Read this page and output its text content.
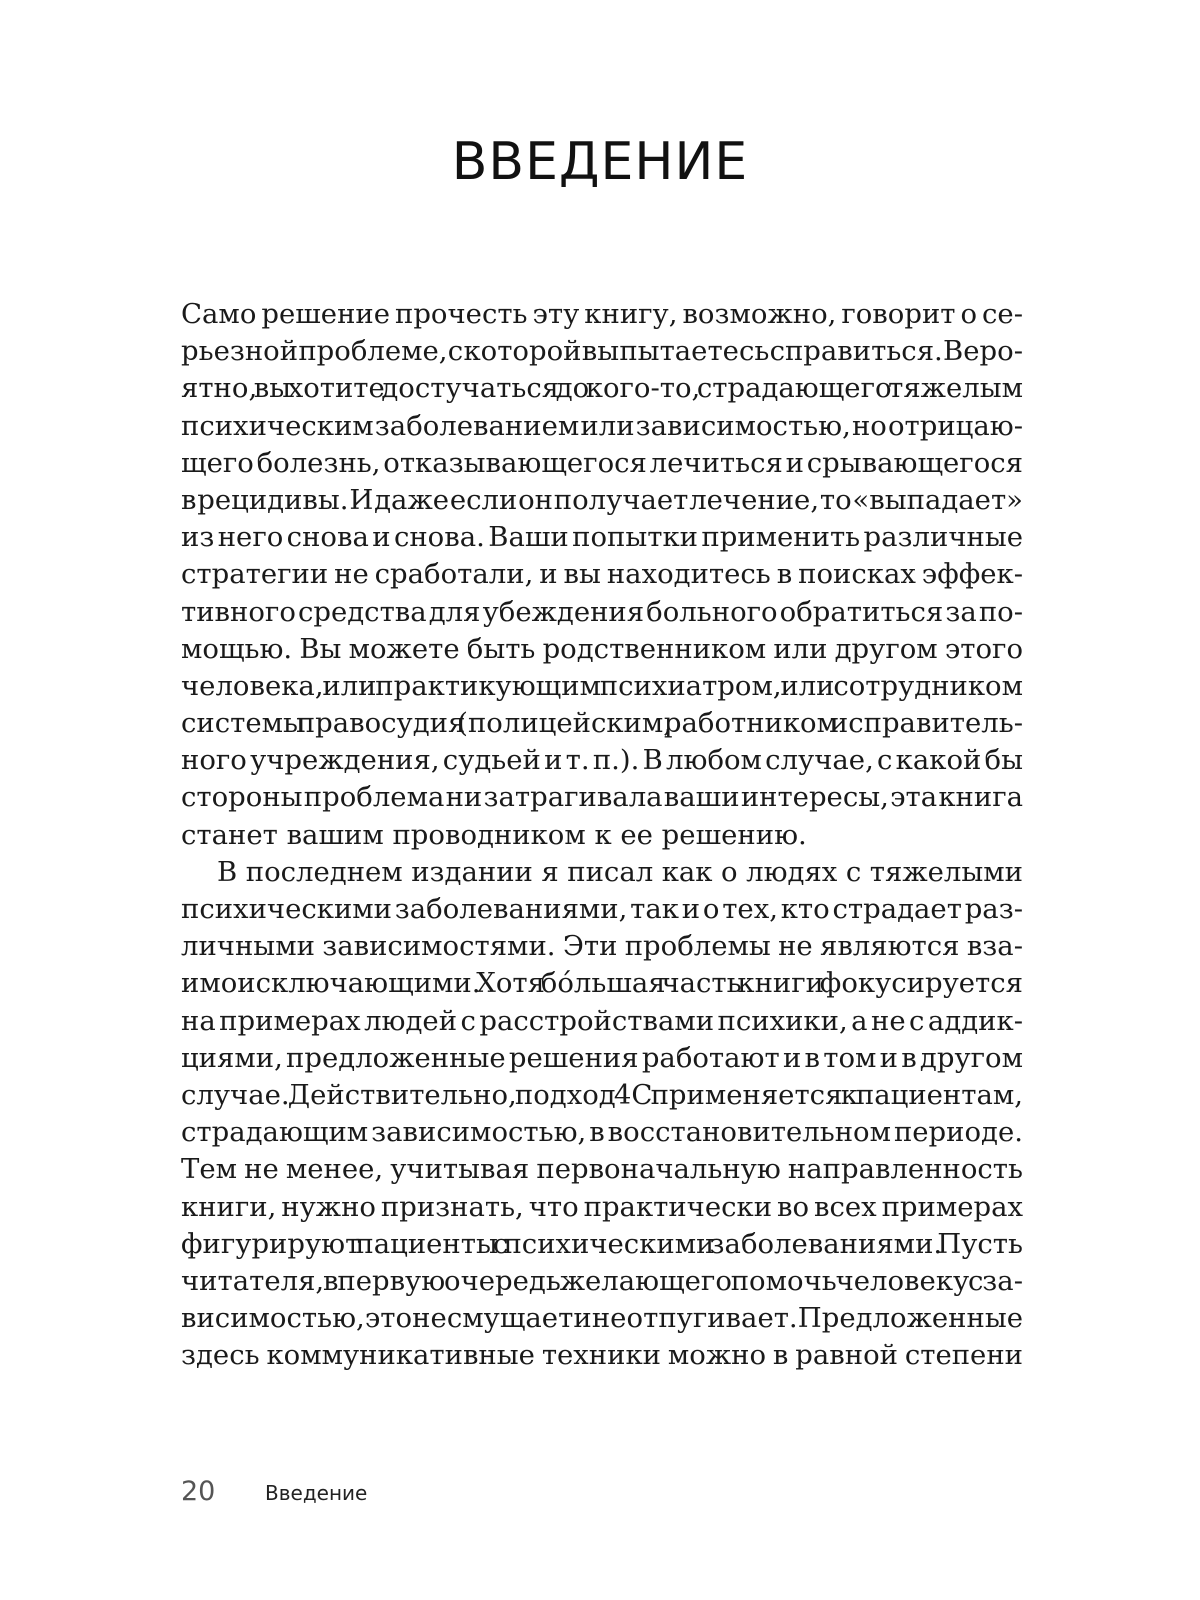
ВВЕДЕНИЕ
Само решение прочесть эту книгу, возможно, говорит о се-
рьезной проблеме, с которой вы пытаетесь справиться. Веро-
ятно, вы хотите достучаться до кого-то, страдающего тяжелым
психическим заболеванием или зависимостью, но отрицаю-
щего болезнь, отказывающегося лечиться и срывающегося
в рецидивы. И даже если он получает лечение, то «выпадает»
из него снова и снова. Ваши попытки применить различные
стратегии не сработали, и вы находитесь в поисках эффек-
тивного средства для убеждения больного обратиться за по-
мощью. Вы можете быть родственником или другом этого
человека, или практикующим психиатром, или сотрудником
системы правосудия (полицейским, работником исправитель-
ного учреждения, судьей и т. п.). В любом случае, с какой бы
стороны проблема ни затрагивала ваши интересы, эта книга
станет вашим проводником к ее решению.
В последнем издании я писал как о людях с тяжелыми
психическими заболеваниями, так и о тех, кто страдает раз-
личными зависимостями. Эти проблемы не являются вза-
имоисключающими. Хотя бóльшая часть книги фокусируется
на примерах людей с расстройствами психики, а не с аддик-
циями, предложенные решения работают и в том и в другом
случае. Действительно, подход 4С применяется к пациентам,
страдающим зависимостью, в восстановительном периоде.
Тем не менее, учитывая первоначальную направленность
книги, нужно признать, что практически во всех примерах
фигурируют пациенты с психическими заболеваниями. Пусть
читателя, в первую очередь желающего помочь человеку с за-
висимостью, это не смущает и не отпугивает. Предложенные
здесь коммуникативные техники можно в равной степени
20	Введение
